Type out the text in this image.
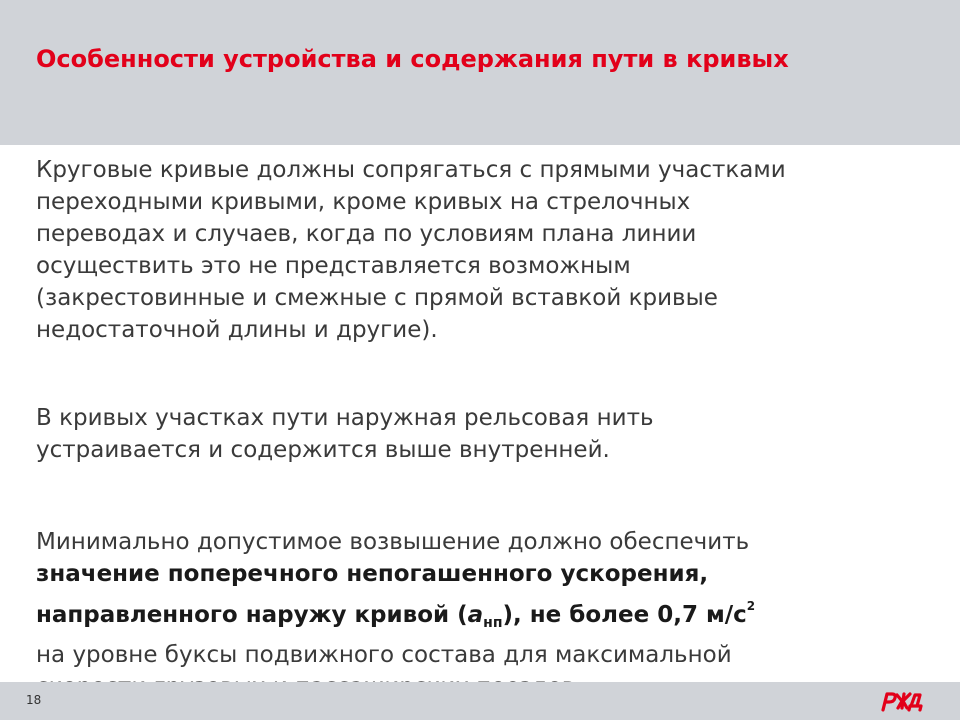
Особенности устройства и содержания пути в кривых

Круговые кривые должны сопрягаться с прямыми участками
переходными кривыми, кроме кривых на стрелочных
переводах и случаев, когда по условиям плана линии
осуществить это не представляется возможным
(закрестовинные и смежные с прямой вставкой кривые
недостаточной длины и другие).

В кривых участках пути наружная рельсовая нить
устраивается и содержится выше внутренней.

Минимально допустимое возвышение должно обеспечить
значение поперечного непогашенного ускорения,
направленного наружу кривой $(а_{нп})$, не более 0,7 $м/с^2$
на уровне буксы подвижного состава для максимальной

18
